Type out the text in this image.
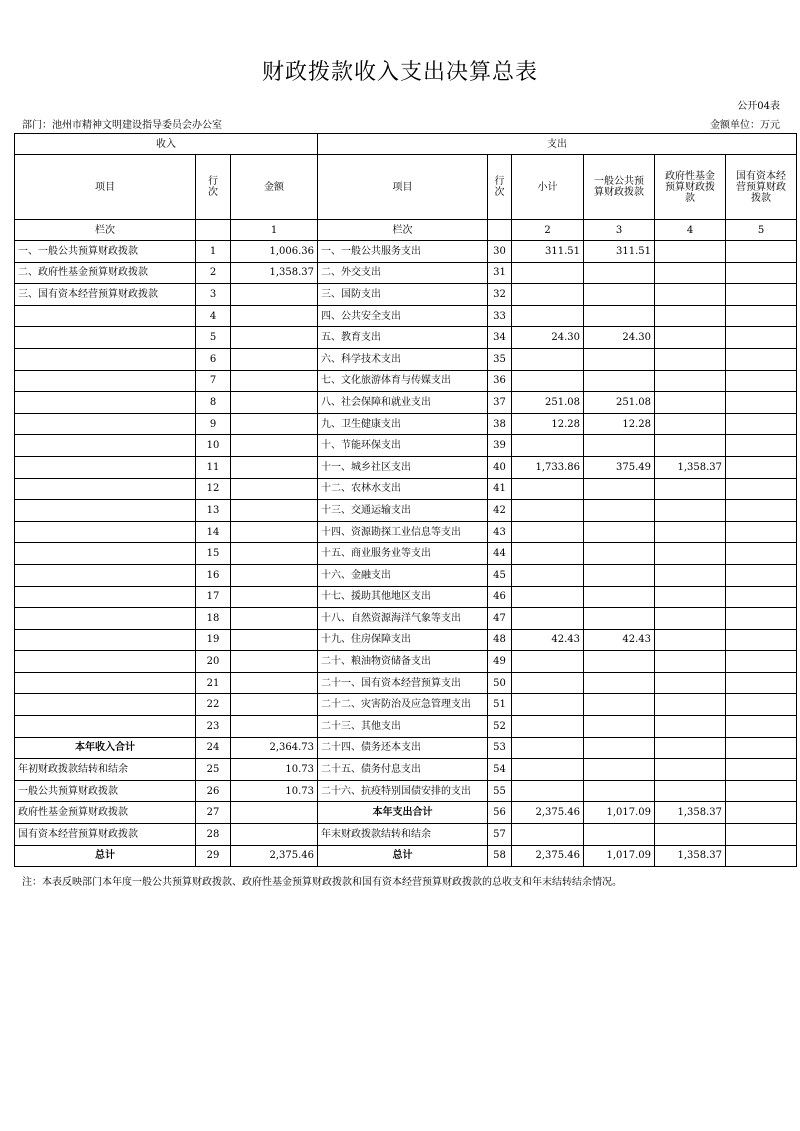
财政拨款收入支出决算总表
公开04表
部门：池州市精神文明建设指导委员会办公室	金额单位：万元
收入			支出					
项目	行次	金额	项目	行次	小计	一般公共预算财政拨款	政府性基金预算财政拨款	国有资本经营预算财政拨款
栏次		1	栏次		2	3	4	5
一、一般公共预算财政拨款	1	1,006.36	一、一般公共服务支出	30	311.51	311.51		
二、政府性基金预算财政拨款	2	1,358.37	二、外交支出	31				
三、国有资本经营预算财政拨款	3		三、国防支出	32				
	4		四、公共安全支出	33				
	5		五、教育支出	34	24.30	24.30		
	6		六、科学技术支出	35				
	7		七、文化旅游体育与传媒支出	36				
	8		八、社会保障和就业支出	37	251.08	251.08		
	9		九、卫生健康支出	38	12.28	12.28		
	10		十、节能环保支出	39				
	11		十一、城乡社区支出	40	1,733.86	375.49	1,358.37	
	12		十二、农林水支出	41				
	13		十三、交通运输支出	42				
	14		十四、资源勘探工业信息等支出	43				
	15		十五、商业服务业等支出	44				
	16		十六、金融支出	45				
	17		十七、援助其他地区支出	46				
	18		十八、自然资源海洋气象等支出	47				
	19		十九、住房保障支出	48	42.43	42.43		
	20		二十、粮油物资储备支出	49				
	21		二十一、国有资本经营预算支出	50				
	22		二十二、灾害防治及应急管理支出	51				
	23		二十三、其他支出	52				
本年收入合计	24	2,364.73	二十四、债务还本支出	53				
年初财政拨款结转和结余	25	10.73	二十五、债务付息支出	54				
一般公共预算财政拨款	26	10.73	二十六、抗疫特别国债安排的支出	55				
政府性基金预算财政拨款	27		本年支出合计	56	2,375.46	1,017.09	1,358.37	
国有资本经营预算财政拨款	28		年末财政拨款结转和结余	57				
总计	29	2,375.46	总计	58	2,375.46	1,017.09	1,358.37	
注：本表反映部门本年度一般公共预算财政拨款、政府性基金预算财政拨款和国有资本经营预算财政拨款的总收支和年末结转结余情况。
